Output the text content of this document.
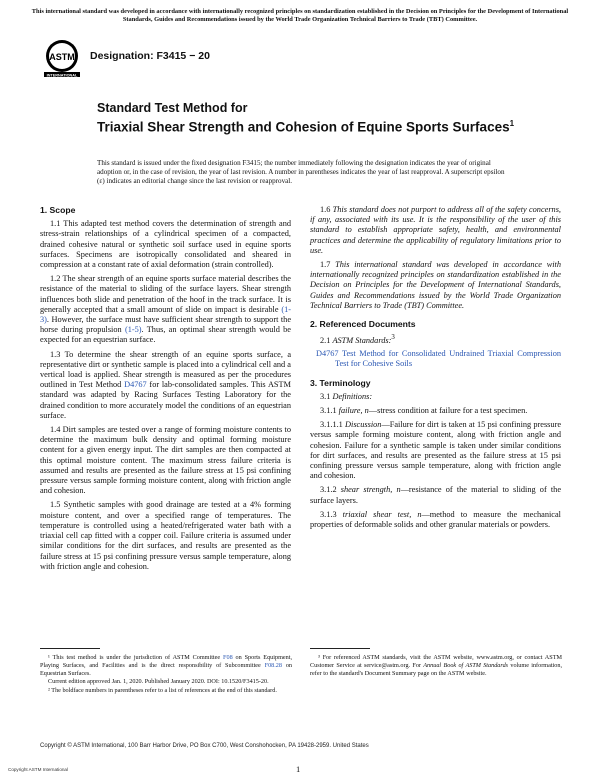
This international standard was developed in accordance with internationally recognized principles on standardization established in the Decision on Principles for the Development of International Standards, Guides and Recommendations issued by the World Trade Organization Technical Barriers to Trade (TBT) Committee.
ASTM
INTERNATIONAL
Designation: F3415 − 20
Standard Test Method for
Triaxial Shear Strength and Cohesion of Equine Sports Surfaces$^1$
This standard is issued under the fixed designation F3415; the number immediately following the designation indicates the year of original adoption or, in the case of revision, the year of last revision. A number in parentheses indicates the year of last reapproval. A superscript epsilon (ε) indicates an editorial change since the last revision or reapproval.
1. Scope

1.1 This adapted test method covers the determination of strength and stress-strain relationships of a cylindrical specimen of a compacted, drained cohesive natural or synthetic soil surface used in equine sports surfaces. Specimens are isotropically consolidated and sheared in compression at a constant rate of axial deformation (strain controlled).

1.2 The shear strength of an equine sports surface material describes the resistance of the material to sliding of the surface layers. Shear strength influences both slide and penetration of the hoof in the track surface. It is generally accepted that a small amount of slide on impact is desirable (1-3). However, the surface must have sufficient shear strength to support the horse during propulsion (1-5). Thus, an optimal shear strength would be expected for an equestrian surface.

1.3 To determine the shear strength of an equine sports surface, a representative dirt or synthetic sample is placed into a cylindrical cell and a vertical load is applied. Shear strength is measured as per the procedures outlined in Test Method D4767 for lab-consolidated samples. This ASTM standard was adapted by Racing Surfaces Testing Laboratory for the drained condition to more accurately model the conditions of an equestrian surface.

1.4 Dirt samples are tested over a range of forming moisture contents to determine the maximum bulk density and optimal forming moisture content for a given energy input. The dirt samples are then compacted at this optimal moisture content. The maximum stress failure criteria is assumed and results are presented as the failure stress at 15 psi confining pressure versus sample forming moisture content, along with friction angle and cohesion.

1.5 Synthetic samples with good drainage are tested at a 4% forming moisture content, and over a specified range of temperatures. The temperature is controlled using a heated/refrigerated water bath with a triaxial cell cap fitted with a copper coil. Failure criteria is assumed under similar conditions for the dirt surfaces, and results are presented as the failure stress at 15 psi confining pressure versus sample temperature, along with friction angle and cohesion.

1.6 This standard does not purport to address all of the safety concerns, if any, associated with its use. It is the responsibility of the user of this standard to establish appropriate safety, health, and environmental practices and determine the applicability of regulatory limitations prior to use.

1.7 This international standard was developed in accordance with internationally recognized principles on standardization established in the Decision on Principles for the Development of International Standards, Guides and Recommendations issued by the World Trade Organization Technical Barriers to Trade (TBT) Committee.

2. Referenced Documents

2.1 ASTM Standards:$^3$

D4767 Test Method for Consolidated Undrained Triaxial Compression Test for Cohesive Soils

3. Terminology

3.1 Definitions:

3.1.1 failure, n—stress condition at failure for a test specimen.

3.1.1.1 Discussion—Failure for dirt is taken at 15 psi confining pressure versus sample forming moisture content, along with friction angle and cohesion. Failure for a synthetic sample is taken under similar conditions for dirt surfaces, and results are presented as the failure stress at 15 psi confining pressure versus sample temperature, along with friction angle and cohesion.

3.1.2 shear strength, n—resistance of the material to sliding of the surface layers.

3.1.3 triaxial shear test, n—method to measure the mechanical properties of deformable solids and other granular materials or powders.

¹ This test method is under the jurisdiction of ASTM Committee F08 on Sports Equipment, Playing Surfaces, and Facilities and is the direct responsibility of Subcommittee F08.28 on Equestrian Surfaces.

Current edition approved Jan. 1, 2020. Published January 2020. DOI: 10.1520/F3415-20.

² The boldface numbers in parentheses refer to a list of references at the end of this standard.

³ For referenced ASTM standards, visit the ASTM website, www.astm.org, or contact ASTM Customer Service at service@astm.org. For Annual Book of ASTM Standards volume information, refer to the standard's Document Summary page on the ASTM website.

Copyright © ASTM International, 100 Barr Harbor Drive, PO Box C700, West Conshohocken, PA 19428-2959. United States
1
Copyright ASTM International
